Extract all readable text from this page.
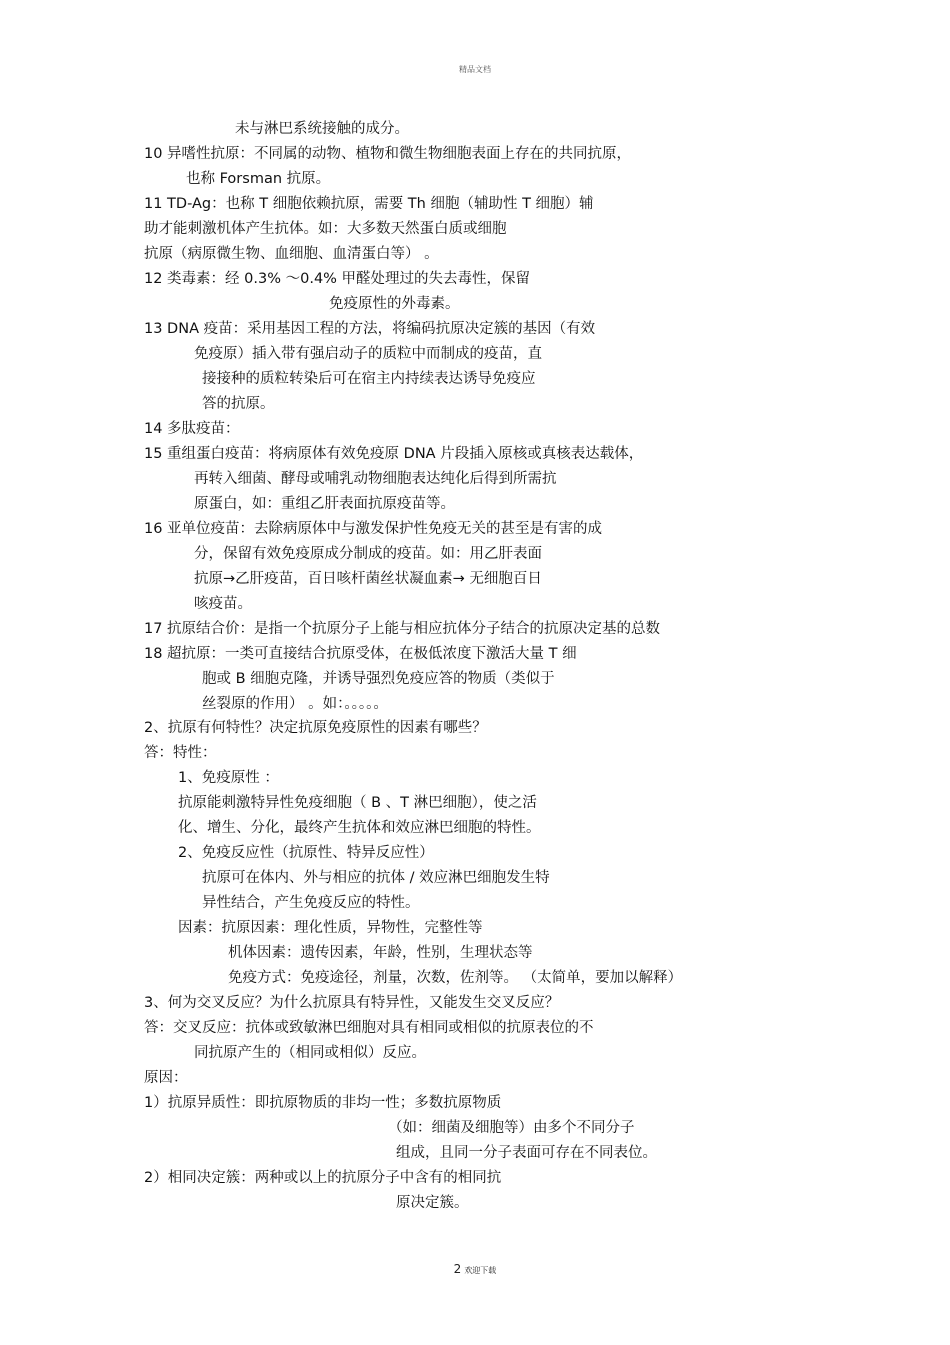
精品文档

未与淋巴系统接触的成分。

10 异嗜性抗原：不同属的动物、植物和微生物细胞表面上存在的共同抗原，

也称 Forsman 抗原。

11 TD-Ag：也称 T 细胞依赖抗原，需要 Th 细胞（辅助性 T 细胞）辅

助才能刺激机体产生抗体。如：大多数天然蛋白质或细胞

抗原（病原微生物、血细胞、血清蛋白等） 。

12 类毒素：经 0.3% ～0.4% 甲醛处理过的失去毒性，保留

免疫原性的外毒素。

13 DNA 疫苗：采用基因工程的方法，将编码抗原决定簇的基因（有效

免疫原）插入带有强启动子的质粒中而制成的疫苗，直

接接种的质粒转染后可在宿主内持续表达诱导免疫应

答的抗原。

14 多肽疫苗：

15 重组蛋白疫苗：将病原体有效免疫原 DNA 片段插入原核或真核表达载体，

再转入细菌、酵母或哺乳动物细胞表达纯化后得到所需抗

原蛋白，如：重组乙肝表面抗原疫苗等。

16 亚单位疫苗：去除病原体中与激发保护性免疫无关的甚至是有害的成

分，保留有效免疫原成分制成的疫苗。如：用乙肝表面

抗原→乙肝疫苗，百日咳杆菌丝状凝血素→ 无细胞百日

咳疫苗。

17 抗原结合价：是指一个抗原分子上能与相应抗体分子结合的抗原决定基的总数

18 超抗原：一类可直接结合抗原受体，在极低浓度下激活大量 T 细

胞或 B 细胞克隆，并诱导强烈免疫应答的物质（类似于

丝裂原的作用） 。如：。。。。。

2、抗原有何特性？决定抗原免疫原性的因素有哪些？

答：特性：

1、免疫原性 ：

抗原能刺激特异性免疫细胞（ B 、T 淋巴细胞），使之活

化、增生、分化，最终产生抗体和效应淋巴细胞的特性。

2、免疫反应性（抗原性、特异反应性）

抗原可在体内、外与相应的抗体 / 效应淋巴细胞发生特

异性结合，产生免疫反应的特性。

因素：抗原因素：理化性质，异物性，完整性等

机体因素：遗传因素，年龄，性别，生理状态等

免疫方式：免疫途径，剂量，次数，佐剂等。 （太简单，要加以解释）

3、何为交叉反应？为什么抗原具有特异性，又能发生交叉反应？

答：交叉反应：抗体或致敏淋巴细胞对具有相同或相似的抗原表位的不

同抗原产生的（相同或相似）反应。

原因：

1）抗原异质性：即抗原物质的非均一性；多数抗原物质

（如：细菌及细胞等）由多个不同分子

组成，且同一分子表面可存在不同表位。

2）相同决定簇：两种或以上的抗原分子中含有的相同抗

原决定簇。

2 欢迎下载
